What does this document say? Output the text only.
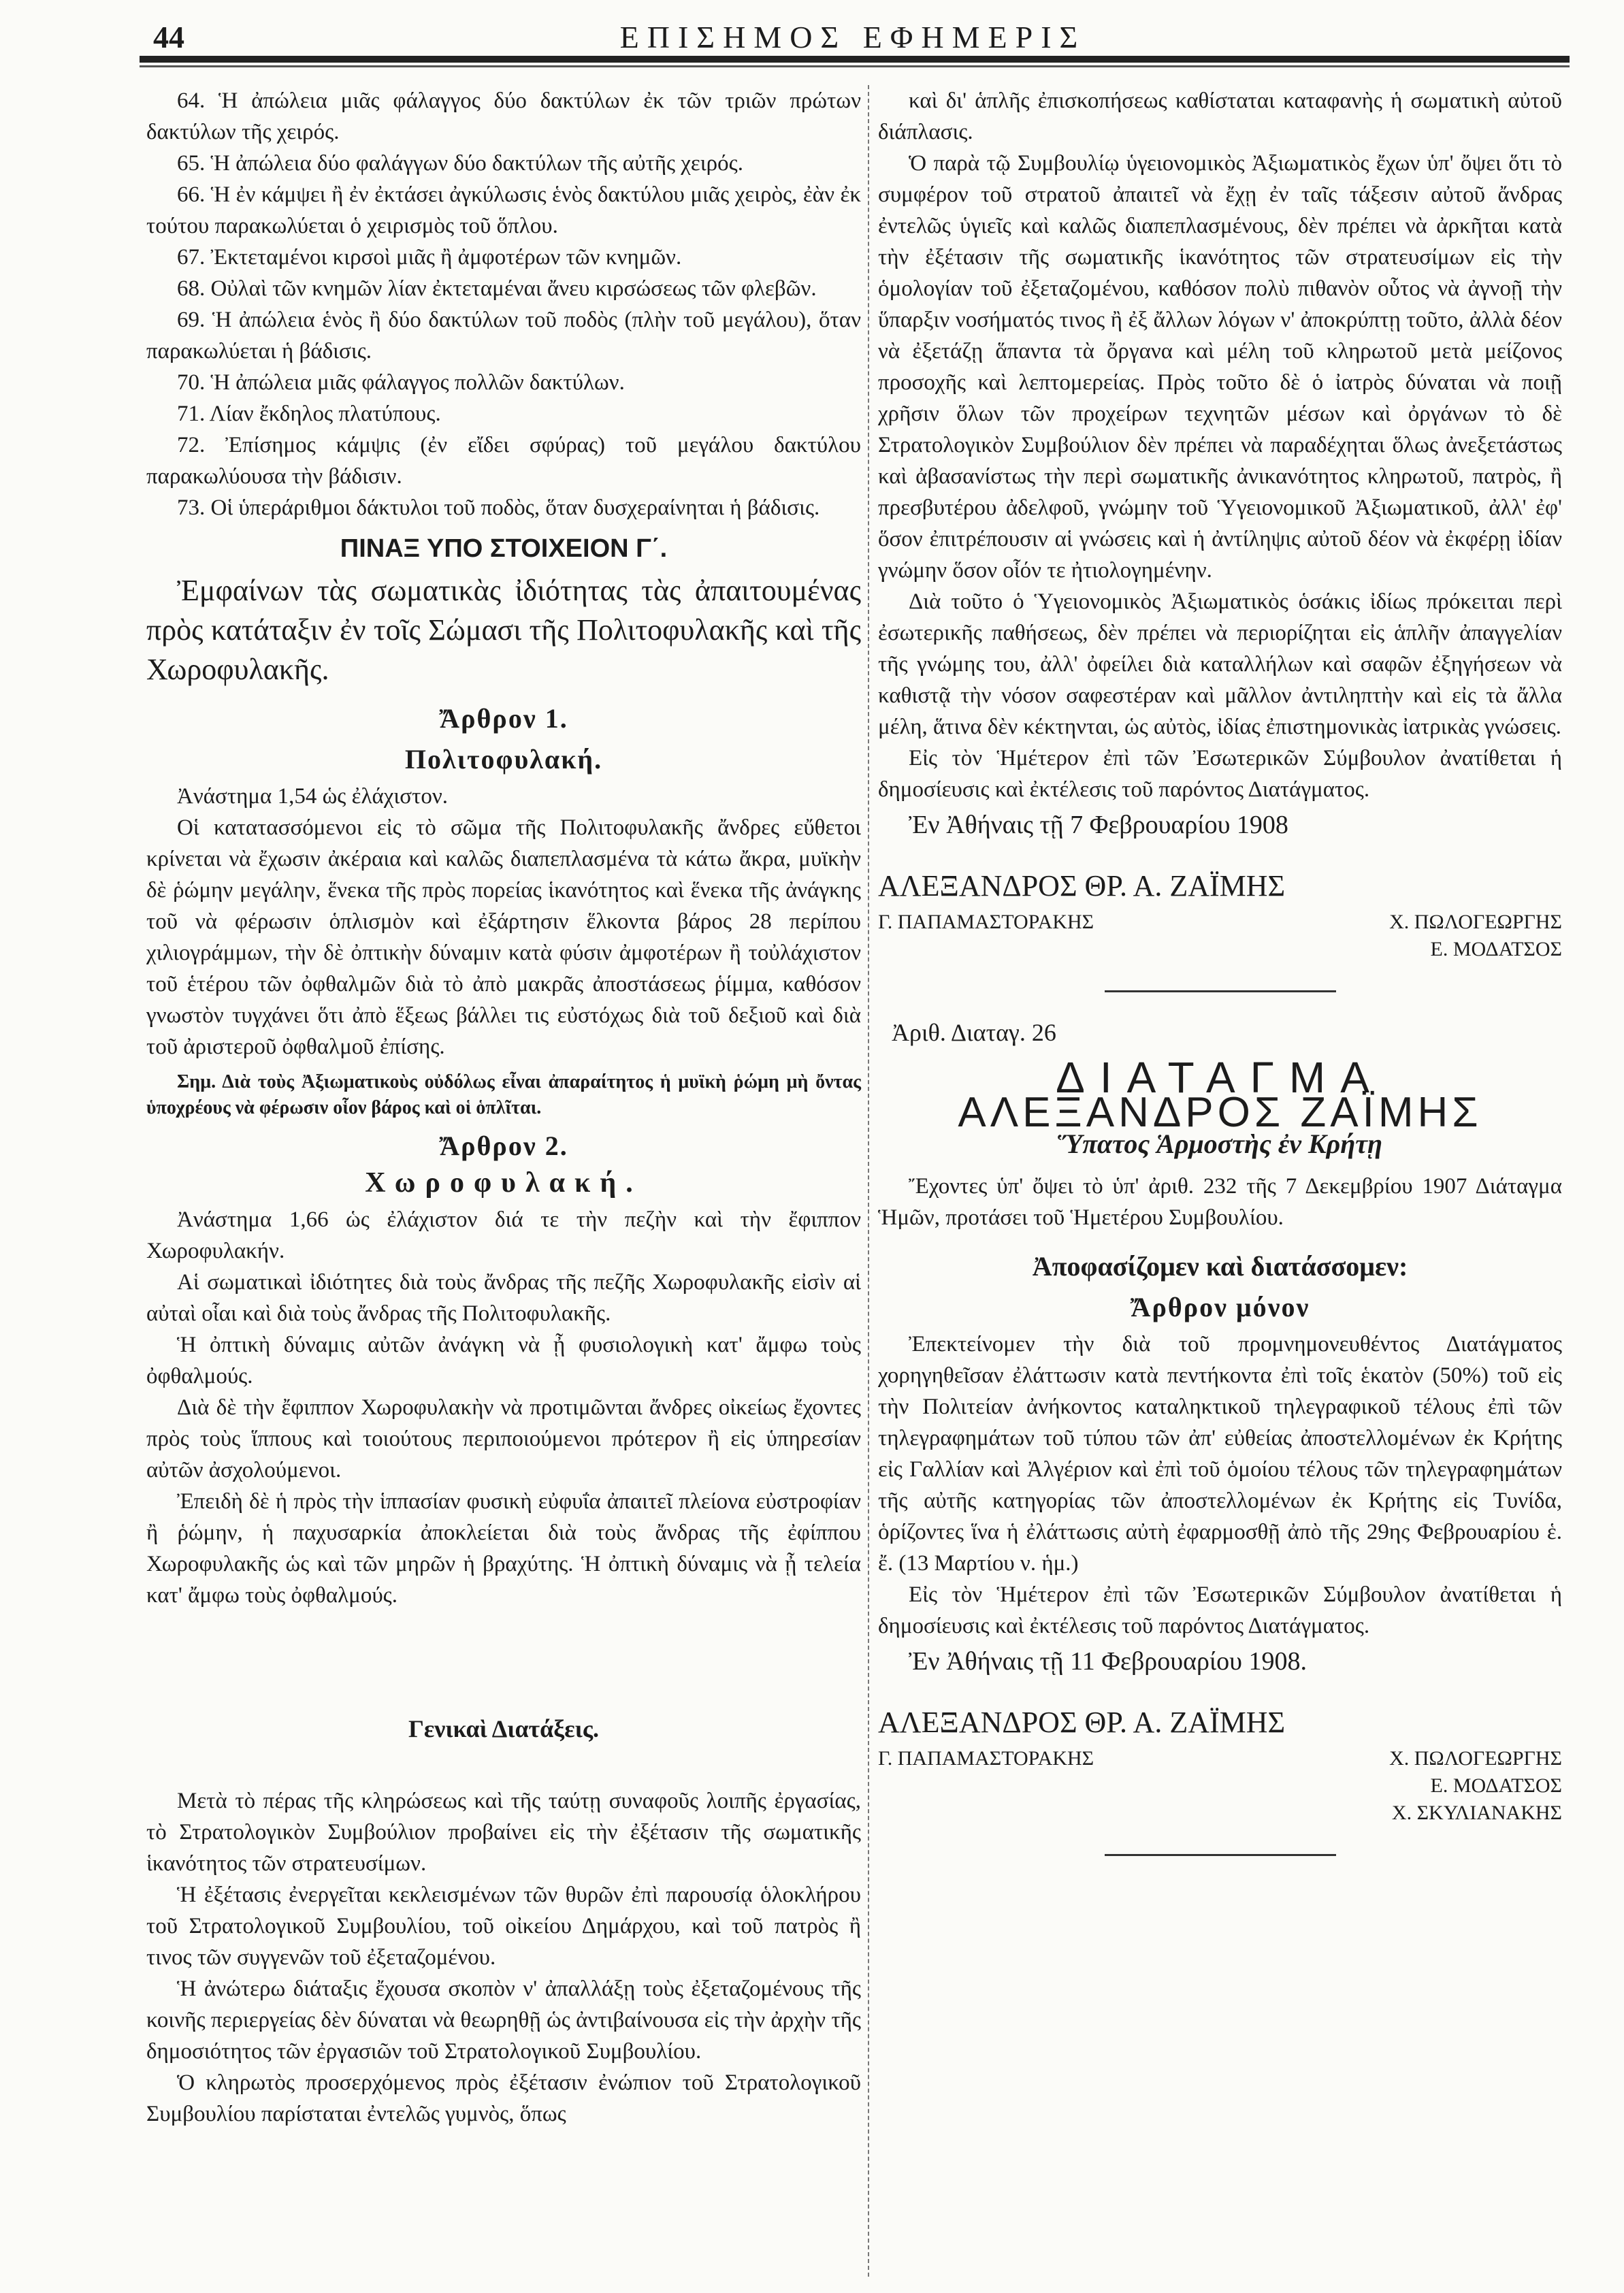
44	ΕΠΙΣΗΜΟΣ ΕΦΗΜΕΡΙΣ
64. Ἡ ἀπώλεια μιᾶς φάλαγγος δύο δακτύλων ἐκ τῶν τριῶν πρώτων δακτύλων τῆς χειρός.
65. Ἡ ἀπώλεια δύο φαλάγγων δύο δακτύλων τῆς αὐτῆς χειρός.
66. Ἡ ἐν κάμψει ἢ ἐν ἐκτάσει ἀγκύλωσις ἑνὸς δακτύλου μιᾶς χειρὸς, ἐὰν ἐκ τούτου παρακωλύεται ὁ χειρισμὸς τοῦ ὅπλου.
67. Ἐκτεταμένοι κιρσοὶ μιᾶς ἢ ἀμφοτέρων τῶν κνημῶν.
68. Οὐλαὶ τῶν κνημῶν λίαν ἐκτεταμέναι ἄνευ κιρσώσεως τῶν φλεβῶν.
69. Ἡ ἀπώλεια ἑνὸς ἢ δύο δακτύλων τοῦ ποδὸς (πλὴν τοῦ μεγάλου), ὅταν παρακωλύεται ἡ βάδισις.
70. Ἡ ἀπώλεια μιᾶς φάλαγγος πολλῶν δακτύλων.
71. Λίαν ἔκδηλος πλατύπους.
72. Ἐπίσημος κάμψις (ἐν εἴδει σφύρας) τοῦ μεγάλου δακτύλου παρακωλύουσα τὴν βάδισιν.
73. Οἱ ὑπεράριθμοι δάκτυλοι τοῦ ποδὸς, ὅταν δυσχεραίνηται ἡ βάδισις.
ΠΙΝΑΞ ΥΠΟ ΣΤΟΙΧΕΙΟΝ Γ΄.
Ἐμφαίνων τὰς σωματικὰς ἰδιότητας τὰς ἀπαιτουμένας πρὸς κατάταξιν ἐν τοῖς Σώμασι τῆς Πολιτοφυλακῆς καὶ τῆς Χωροφυλακῆς.
Ἄρθρον 1.
Πολιτοφυλακή.
Ἀνάστημα 1,54 ὡς ἐλάχιστον.
Οἱ κατατασσόμενοι εἰς τὸ σῶμα τῆς Πολιτοφυλακῆς ἄνδρες εὔθετοι κρίνεται νὰ ἔχωσιν ἀκέραια καὶ καλῶς διαπεπλασμένα τὰ κάτω ἄκρα, μυϊκὴν δὲ ῥώμην μεγάλην, ἕνεκα τῆς πρὸς πορείας ἱκανότητος καὶ ἕνεκα τῆς ἀνάγκης τοῦ νὰ φέρωσιν ὁπλισμὸν καὶ ἐξάρτησιν ἕλκοντα βάρος 28 περίπου χιλιογράμμων, τὴν δὲ ὀπτικὴν δύναμιν κατὰ φύσιν ἀμφοτέρων ἢ τοὐλάχιστον τοῦ ἑτέρου τῶν ὀφθαλμῶν διὰ τὸ ἀπὸ μακρᾶς ἀποστάσεως ῥίμμα, καθόσον γνωστὸν τυγχάνει ὅτι ἀπὸ ἕξεως βάλλει τις εὐστόχως διὰ τοῦ δεξιοῦ καὶ διὰ τοῦ ἀριστεροῦ ὀφθαλμοῦ ἐπίσης.
Σημ. Διὰ τοὺς Ἀξιωματικοὺς οὐδόλως εἶναι ἀπαραίτητος ἡ μυϊκὴ ῥώμη μὴ ὄντας ὑποχρέους νὰ φέρωσιν οἷον βάρος καὶ οἱ ὁπλῖται.
Ἄρθρον 2.
Χωροφυλακή.
Ἀνάστημα 1,66 ὡς ἐλάχιστον διά τε τὴν πεζὴν καὶ τὴν ἔφιππον Χωροφυλακήν.
Αἱ σωματικαὶ ἰδιότητες διὰ τοὺς ἄνδρας τῆς πεζῆς Χωροφυλακῆς εἰσὶν αἱ αὐταὶ οἷαι καὶ διὰ τοὺς ἄνδρας τῆς Πολιτοφυλακῆς.
Ἡ ὀπτικὴ δύναμις αὐτῶν ἀνάγκη νὰ ᾖ φυσιολογικὴ κατ' ἄμφω τοὺς ὀφθαλμούς.
Διὰ δὲ τὴν ἔφιππον Χωροφυλακὴν νὰ προτιμῶνται ἄνδρες οἰκείως ἔχοντες πρὸς τοὺς ἵππους καὶ τοιούτους περιποιούμενοι πρότερον ἢ εἰς ὑπηρεσίαν αὐτῶν ἀσχολούμενοι.
Ἐπειδὴ δὲ ἡ πρὸς τὴν ἱππασίαν φυσικὴ εὐφυΐα ἀπαιτεῖ πλείονα εὐστροφίαν ἢ ῥώμην, ἡ παχυσαρκία ἀποκλείεται διὰ τοὺς ἄνδρας τῆς ἐφίππου Χωροφυλακῆς ὡς καὶ τῶν μηρῶν ἡ βραχύτης. Ἡ ὀπτικὴ δύναμις νὰ ᾖ τελεία κατ' ἄμφω τοὺς ὀφθαλμούς.
Γενικαὶ Διατάξεις.
Μετὰ τὸ πέρας τῆς κληρώσεως καὶ τῆς ταύτῃ συναφοῦς λοιπῆς ἐργασίας, τὸ Στρατολογικὸν Συμβούλιον προβαίνει εἰς τὴν ἐξέτασιν τῆς σωματικῆς ἱκανότητος τῶν στρατευσίμων.
Ἡ ἐξέτασις ἐνεργεῖται κεκλεισμένων τῶν θυρῶν ἐπὶ παρουσίᾳ ὁλοκλήρου τοῦ Στρατολογικοῦ Συμβουλίου, τοῦ οἰκείου Δημάρχου, καὶ τοῦ πατρὸς ἢ τινος τῶν συγγενῶν τοῦ ἐξεταζομένου.
Ἡ ἀνώτερω διάταξις ἔχουσα σκοπὸν ν' ἀπαλλάξῃ τοὺς ἐξεταζομένους τῆς κοινῆς περιεργείας δὲν δύναται νὰ θεωρηθῇ ὡς ἀντιβαίνουσα εἰς τὴν ἀρχὴν τῆς δημοσιότητος τῶν ἐργασιῶν τοῦ Στρατολογικοῦ Συμβουλίου.
Ὁ κληρωτὸς προσερχόμενος πρὸς ἐξέτασιν ἐνώπιον τοῦ Στρατολογικοῦ Συμβουλίου παρίσταται ἐντελῶς γυμνὸς, ὅπως
καὶ δι' ἁπλῆς ἐπισκοπήσεως καθίσταται καταφανὴς ἡ σωματικὴ αὐτοῦ διάπλασις.
Ὁ παρὰ τῷ Συμβουλίῳ ὑγειονομικὸς Ἀξιωματικὸς ἔχων ὑπ' ὄψει ὅτι τὸ συμφέρον τοῦ στρατοῦ ἀπαιτεῖ νὰ ἔχῃ ἐν ταῖς τάξεσιν αὐτοῦ ἄνδρας ἐντελῶς ὑγιεῖς καὶ καλῶς διαπεπλασμένους, δὲν πρέπει νὰ ἀρκῆται κατὰ τὴν ἐξέτασιν τῆς σωματικῆς ἱκανότητος τῶν στρατευσίμων εἰς τὴν ὁμολογίαν τοῦ ἐξεταζομένου, καθόσον πολὺ πιθανὸν οὗτος νὰ ἀγνοῇ τὴν ὕπαρξιν νοσήματός τινος ἢ ἐξ ἄλλων λόγων ν' ἀποκρύπτῃ τοῦτο, ἀλλὰ δέον νὰ ἐξετάζῃ ἅπαντα τὰ ὄργανα καὶ μέλη τοῦ κληρωτοῦ μετὰ μείζονος προσοχῆς καὶ λεπτομερείας. Πρὸς τοῦτο δὲ ὁ ἰατρὸς δύναται νὰ ποιῇ χρῆσιν ὅλων τῶν προχείρων τεχνητῶν μέσων καὶ ὀργάνων τὸ δὲ Στρατολογικὸν Συμβούλιον δὲν πρέπει νὰ παραδέχηται ὅλως ἀνεξετάστως καὶ ἀβασανίστως τὴν περὶ σωματικῆς ἀνικανότητος κληρωτοῦ, πατρὸς, ἢ πρεσβυτέρου ἀδελφοῦ, γνώμην τοῦ Ὑγειονομικοῦ Ἀξιωματικοῦ, ἀλλ' ἐφ' ὅσον ἐπιτρέπουσιν αἱ γνώσεις καὶ ἡ ἀντίληψις αὐτοῦ δέον νὰ ἐκφέρῃ ἰδίαν γνώμην ὅσον οἷόν τε ἠτιολογημένην.
Διὰ τοῦτο ὁ Ὑγειονομικὸς Ἀξιωματικὸς ὁσάκις ἰδίως πρόκειται περὶ ἐσωτερικῆς παθήσεως, δὲν πρέπει νὰ περιορίζηται εἰς ἁπλῆν ἀπαγγελίαν τῆς γνώμης του, ἀλλ' ὀφείλει διὰ καταλλήλων καὶ σαφῶν ἐξηγήσεων νὰ καθιστᾷ τὴν νόσον σαφεστέραν καὶ μᾶλλον ἀντιληπτὴν καὶ εἰς τὰ ἄλλα μέλη, ἅτινα δὲν κέκτηνται, ὡς αὐτὸς, ἰδίας ἐπιστημονικὰς ἰατρικὰς γνώσεις.
Εἰς τὸν Ἡμέτερον ἐπὶ τῶν Ἐσωτερικῶν Σύμβουλον ἀνατίθεται ἡ δημοσίευσις καὶ ἐκτέλεσις τοῦ παρόντος Διατάγματος.
Ἐν Ἀθήναις τῇ 7 Φεβρουαρίου 1908
ΑΛΕΞΑΝΔΡΟΣ ΘΡ. Α. ΖΑΪΜΗΣ
Γ. ΠΑΠΑΜΑΣΤΟΡΑΚΗΣ	Χ. ΠΩΛΟΓΕΩΡΓΗΣ
Ε. ΜΟΔΑΤΣΟΣ
Ἀριθ. Διαταγ. 26
ΔΙΑΤΑΓΜΑ
ΑΛΕΞΑΝΔΡΟΣ ΖΑΪΜΗΣ
Ὕπατος Ἁρμοστὴς ἐν Κρήτῃ
Ἔχοντες ὑπ' ὄψει τὸ ὑπ' ἀριθ. 232 τῆς 7 Δεκεμβρίου 1907 Διάταγμα Ἡμῶν, προτάσει τοῦ Ἡμετέρου Συμβουλίου.
Ἀποφασίζομεν καὶ διατάσσομεν:
Ἄρθρον μόνον
Ἐπεκτείνομεν τὴν διὰ τοῦ προμνημονευθέντος Διατάγματος χορηγηθεῖσαν ἐλάττωσιν κατὰ πεντήκοντα ἐπὶ τοῖς ἑκατὸν (50%) τοῦ εἰς τὴν Πολιτείαν ἀνήκοντος καταληκτικοῦ τηλεγραφικοῦ τέλους ἐπὶ τῶν τηλεγραφημάτων τοῦ τύπου τῶν ἀπ' εὐθείας ἀποστελλομένων ἐκ Κρήτης εἰς Γαλλίαν καὶ Ἀλγέριον καὶ ἐπὶ τοῦ ὁμοίου τέλους τῶν τηλεγραφημάτων τῆς αὐτῆς κατηγορίας τῶν ἀποστελλομένων ἐκ Κρήτης εἰς Τυνίδα, ὁρίζοντες ἵνα ἡ ἐλάττωσις αὐτὴ ἐφαρμοσθῇ ἀπὸ τῆς 29ης Φεβρουαρίου ἑ. ἔ. (13 Μαρτίου ν. ἡμ.)
Εἰς τὸν Ἡμέτερον ἐπὶ τῶν Ἐσωτερικῶν Σύμβουλον ἀνατίθεται ἡ δημοσίευσις καὶ ἐκτέλεσις τοῦ παρόντος Διατάγματος.
Ἐν Ἀθήναις τῇ 11 Φεβρουαρίου 1908.
ΑΛΕΞΑΝΔΡΟΣ ΘΡ. Α. ΖΑΪΜΗΣ
Γ. ΠΑΠΑΜΑΣΤΟΡΑΚΗΣ	Χ. ΠΩΛΟΓΕΩΡΓΗΣ
Ε. ΜΟΔΑΤΣΟΣ
Χ. ΣΚΥΛΙΑΝΑΚΗΣ
